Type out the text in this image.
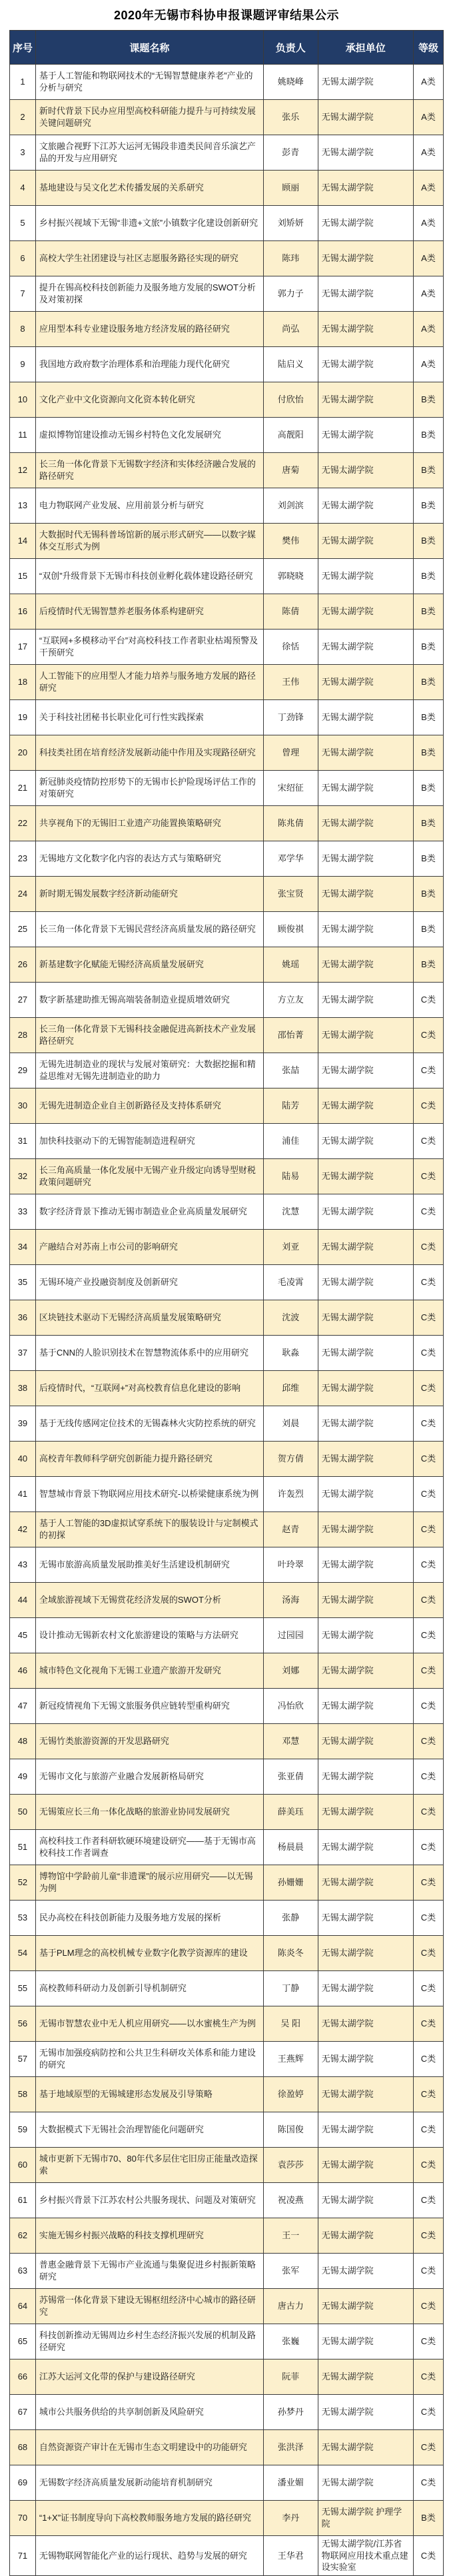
2020年无锡市科协申报课题评审结果公示
序号	课题名称	负责人	承担单位	等级
1	基于人工智能和物联网技术的“无锡智慧健康养老”产业的分析与研究	姚晓峰	无锡太湖学院	A类
2	新时代背景下民办应用型高校科研能力提升与可持续发展关键问题研究	张乐	无锡太湖学院	A类
3	文旅融合视野下江苏大运河无锡段非遗类民间音乐演艺产品的开发与应用研究	彭青	无锡太湖学院	A类
4	基地建设与吴文化艺术传播发展的关系研究	顾丽	无锡太湖学院	A类
5	乡村振兴视域下无锡“非遗+文旅”小镇数字化建设创新研究	刘矫妍	无锡太湖学院	A类
6	高校大学生社团建设与社区志愿服务路径实现的研究	陈玮	无锡太湖学院	A类
7	提升在锡高校科技创新能力及服务地方发展的SWOT分析及对策初探	郭力子	无锡太湖学院	A类
8	应用型本科专业建设服务地方经济发展的路径研究	尚弘	无锡太湖学院	A类
9	我国地方政府数字治理体系和治理能力现代化研究	陆启义	无锡太湖学院	A类
10	文化产业中文化资源向文化资本转化研究	付欣怡	无锡太湖学院	B类
11	虚拟博物馆建设推动无锡乡村特色文化发展研究	高靓阳	无锡太湖学院	B类
12	长三角一体化背景下无锡数字经济和实体经济融合发展的路径研究	唐菊	无锡太湖学院	B类
13	电力物联网产业发展、应用前景分析与研究	刘剑滨	无锡太湖学院	B类
14	大数据时代无锡科普场馆新的展示形式研究——以数字媒体交互形式为例	樊伟	无锡太湖学院	B类
15	“双创”升级背景下无锡市科技创业孵化载体建设路径研究	郭晓晓	无锡太湖学院	B类
16	后疫情时代无锡智慧养老服务体系构建研究	陈倩	无锡太湖学院	B类
17	“互联网+多模移动平台”对高校科技工作者职业枯竭预警及干预研究	徐恬	无锡太湖学院	B类
18	人工智能下的应用型人才能力培养与服务地方发展的路径研究	王伟	无锡太湖学院	B类
19	关于科技社团秘书长职业化可行性实践探索	丁劲锋	无锡太湖学院	B类
20	科技类社团在培育经济发展新动能中作用及实现路径研究	曾理	无锡太湖学院	B类
21	新冠肺炎疫情防控形势下的无锡市长护险现场评估工作的对策研究	宋绍征	无锡太湖学院	B类
22	共享视角下的无锡旧工业遗产功能置换策略研究	陈兆倩	无锡太湖学院	B类
23	无锡地方文化数字化内容的表达方式与策略研究	邓学华	无锡太湖学院	B类
24	新时期无锡发展数字经济新动能研究	张宝贤	无锡太湖学院	B类
25	长三角一体化背景下无锡民营经济高质量发展的路径研究	顾俊祺	无锡太湖学院	B类
26	新基建数字化赋能无锡经济高质量发展研究	姚瑶	无锡太湖学院	B类
27	数字新基建助推无锡高端装备制造业提质增效研究	方立友	无锡太湖学院	C类
28	长三角一体化背景下无锡科技金融促进高新技术产业发展路径研究	邵怡菁	无锡太湖学院	C类
29	无锡先进制造业的现状与发展对策研究：大数据挖掘和精益思维对无锡先进制造业的助力	张喆	无锡太湖学院	C类
30	无锡先进制造企业自主创新路径及支持体系研究	陆芳	无锡太湖学院	C类
31	加快科技驱动下的无锡智能制造进程研究	浦佳	无锡太湖学院	C类
32	长三角高质量一体化发展中无锡产业升级定向诱导型财税政策问题研究	陆易	无锡太湖学院	C类
33	数字经济背景下推动无锡市制造业企业高质量发展研究	沈慧	无锡太湖学院	C类
34	产融结合对苏南上市公司的影响研究	刘亚	无锡太湖学院	C类
35	无锡环境产业投融资制度及创新研究	毛凌霄	无锡太湖学院	C类
36	区块链技术驱动下无锡经济高质量发展策略研究	沈波	无锡太湖学院	C类
37	基于CNN的人脸识别技术在智慧物流体系中的应用研究	耿淼	无锡太湖学院	C类
38	后疫情时代，“互联网+”对高校教育信息化建设的影响	邱维	无锡太湖学院	C类
39	基于无线传感网定位技术的无锡森林火灾防控系统的研究	刘晨	无锡太湖学院	C类
40	高校青年教师科学研究创新能力提升路径研究	贺方倩	无锡太湖学院	C类
41	智慧城市背景下物联网应用技术研究-以桥梁健康系统为例	许轰烈	无锡太湖学院	C类
42	基于人工智能的3D虚拟试穿系统下的服装设计与定制模式的初探	赵青	无锡太湖学院	C类
43	无锡市旅游高质量发展助推美好生活建设机制研究	叶玲翠	无锡太湖学院	C类
44	全域旅游视域下无锡赏花经济发展的SWOT分析	汤海	无锡太湖学院	C类
45	设计推动无锡新农村文化旅游建设的策略与方法研究	过园园	无锡太湖学院	C类
46	城市特色文化视角下无锡工业遗产旅游开发研究	刘娜	无锡太湖学院	C类
47	新冠疫情视角下无锡文旅服务供应链转型重构研究	冯怡欣	无锡太湖学院	C类
48	无锡竹类旅游资源的开发思路研究	邓慧	无锡太湖学院	C类
49	无锡市文化与旅游产业融合发展新格局研究	张亚倩	无锡太湖学院	C类
50	无锡策应长三角一体化战略的旅游业协同发展研究	薛美珏	无锡太湖学院	C类
51	高校科技工作者科研软硬环境建设研究——基于无锡市高校科技工作者调查	杨晨晨	无锡太湖学院	C类
52	博物馆中学龄前儿童“非遗课”的展示应用研究——以无锡为例	孙姗姗	无锡太湖学院	C类
53	民办高校在科技创新能力及服务地方发展的探析	张静	无锡太湖学院	C类
54	基于PLM理念的高校机械专业数字化教学资源库的建设	陈炎冬	无锡太湖学院	C类
55	高校教师科研动力及创新引导机制研究	丁静	无锡太湖学院	C类
56	无锡市智慧农业中无人机应用研究——以水蜜桃生产为例	吴 阳	无锡太湖学院	C类
57	无锡市加强疫病防控和公共卫生科研攻关体系和能力建设的研究	王燕辉	无锡太湖学院	C类
58	基于地域原型的无锡城建形态发展及引导策略	徐盈婷	无锡太湖学院	C类
59	大数据模式下无锡社会治理智能化问题研究	陈国俊	无锡太湖学院	C类
60	城市更新下无锡市70、80年代多层住宅旧房正能量改造探索	袁莎莎	无锡太湖学院	C类
61	乡村振兴背景下江苏农村公共服务现状、问题及对策研究	祝凌燕	无锡太湖学院	C类
62	实施无锡乡村振兴战略的科技支撑机理研究	王一	无锡太湖学院	C类
63	普惠金融背景下无锡市产业流通与集聚促进乡村振新策略研究	张军	无锡太湖学院	C类
64	苏锡常一体化背景下建设无锡枢纽经济中心城市的路径研究	唐古力	无锡太湖学院	C类
65	科技创新推动无锡周边乡村生态经济振兴发展的机制及路径研究	张巍	无锡太湖学院	C类
66	江苏大运河文化带的保护与建设路径研究	阮菲	无锡太湖学院	C类
67	城市公共服务供给的共享制创新及风险研究	孙梦丹	无锡太湖学院	C类
68	自然资源资产审计在无锡市生态文明建设中的功能研究	张洪泽	无锡太湖学院	C类
69	无锡数字经济高质量发展新动能培育机制研究	潘业媚	无锡太湖学院	C类
70	“1+X”证书制度导向下高校教师服务地方发展的路径研究	李丹	无锡太湖学院 护理学院	B类
71	无锡物联网智能化产业的运行现状、趋势与发展的研究	王华君	无锡太湖学院/江苏省物联网应用技术重点建设实验室	C类
